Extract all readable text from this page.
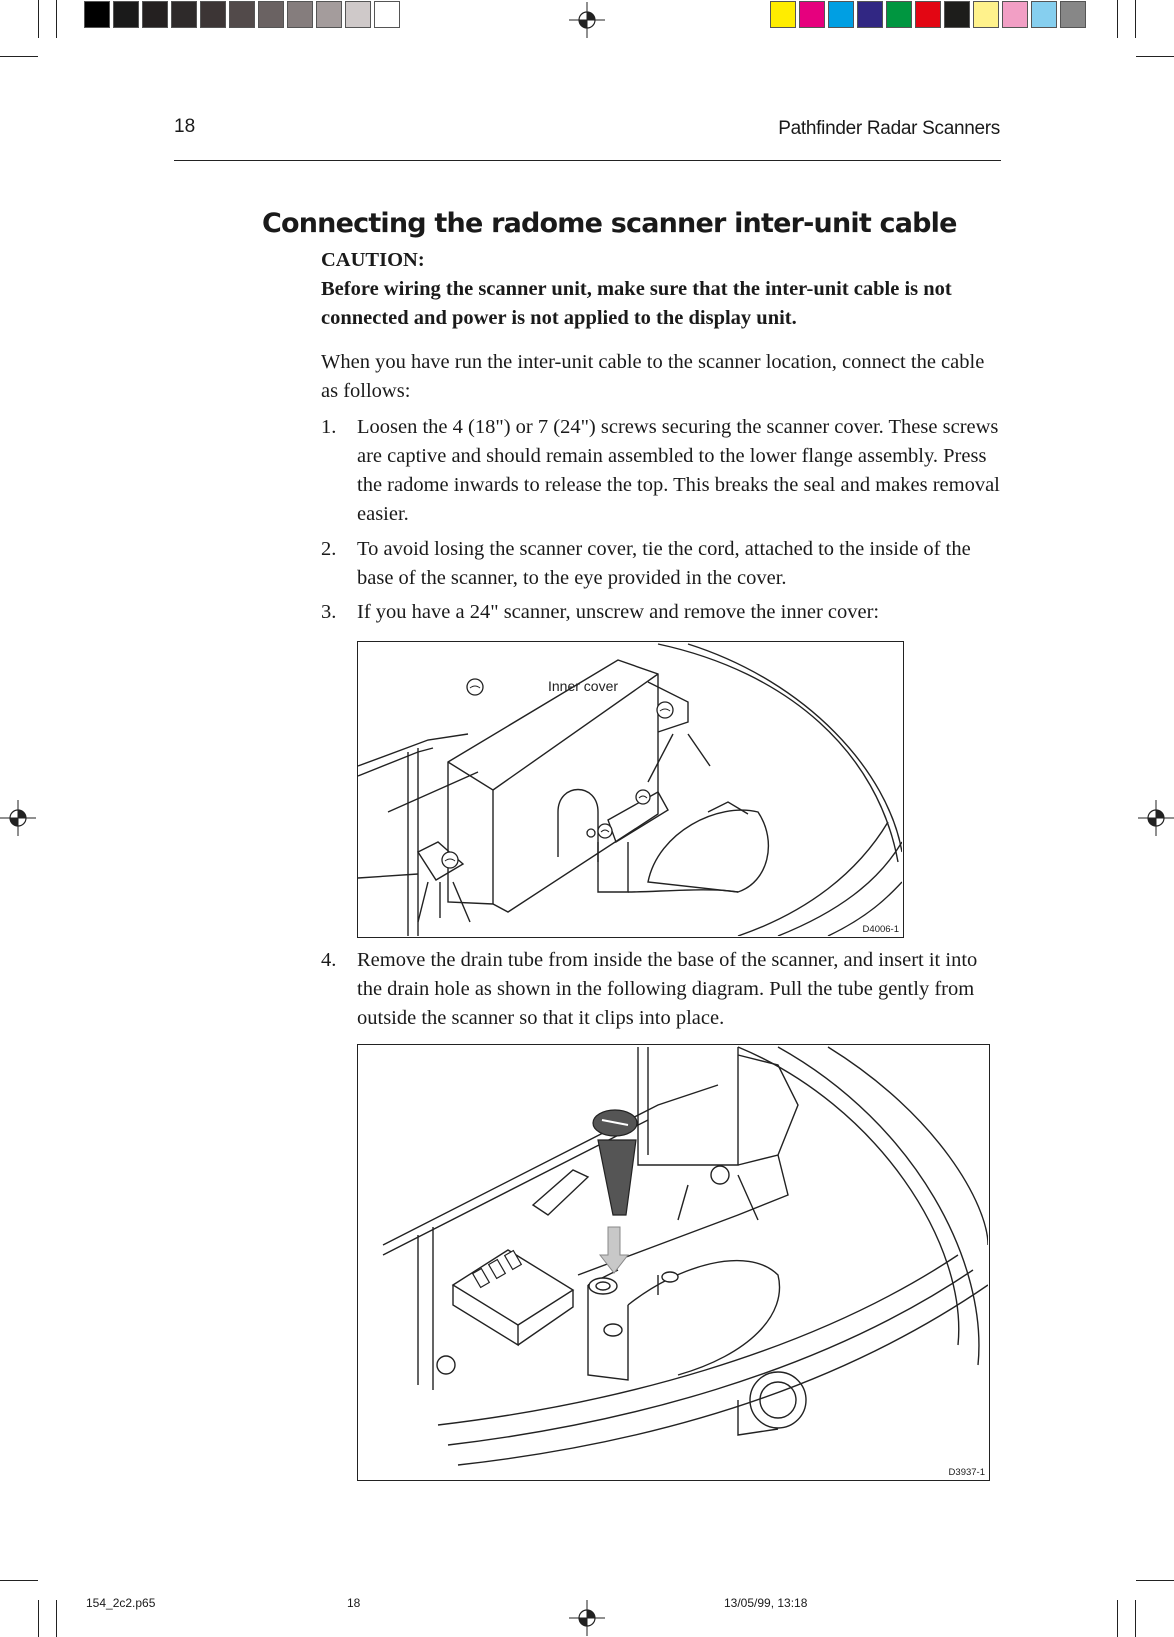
18	Pathfinder Radar Scanners
Connecting the radome scanner inter-unit cable
CAUTION:
Before wiring the scanner unit, make sure that the inter-unit cable is not connected and power is not applied to the display unit.
When you have run the inter-unit cable to the scanner location, connect the cable as follows:
1. Loosen the 4 (18") or 7 (24") screws securing the scanner cover. These screws are captive and should remain assembled to the lower flange assembly. Press the radome inwards to release the top. This breaks the seal and makes removal easier.
2. To avoid losing the scanner cover, tie the cord, attached to the inside of the base of the scanner, to the eye provided in the cover.
3. If you have a 24" scanner, unscrew and remove the inner cover:
Inner cover
D4006-1
4. Remove the drain tube from inside the base of the scanner, and insert it into the drain hole as shown in the following diagram. Pull the tube gently from outside the scanner so that it clips into place.
D3937-1
154_2c2.p65	18	13/05/99, 13:18
